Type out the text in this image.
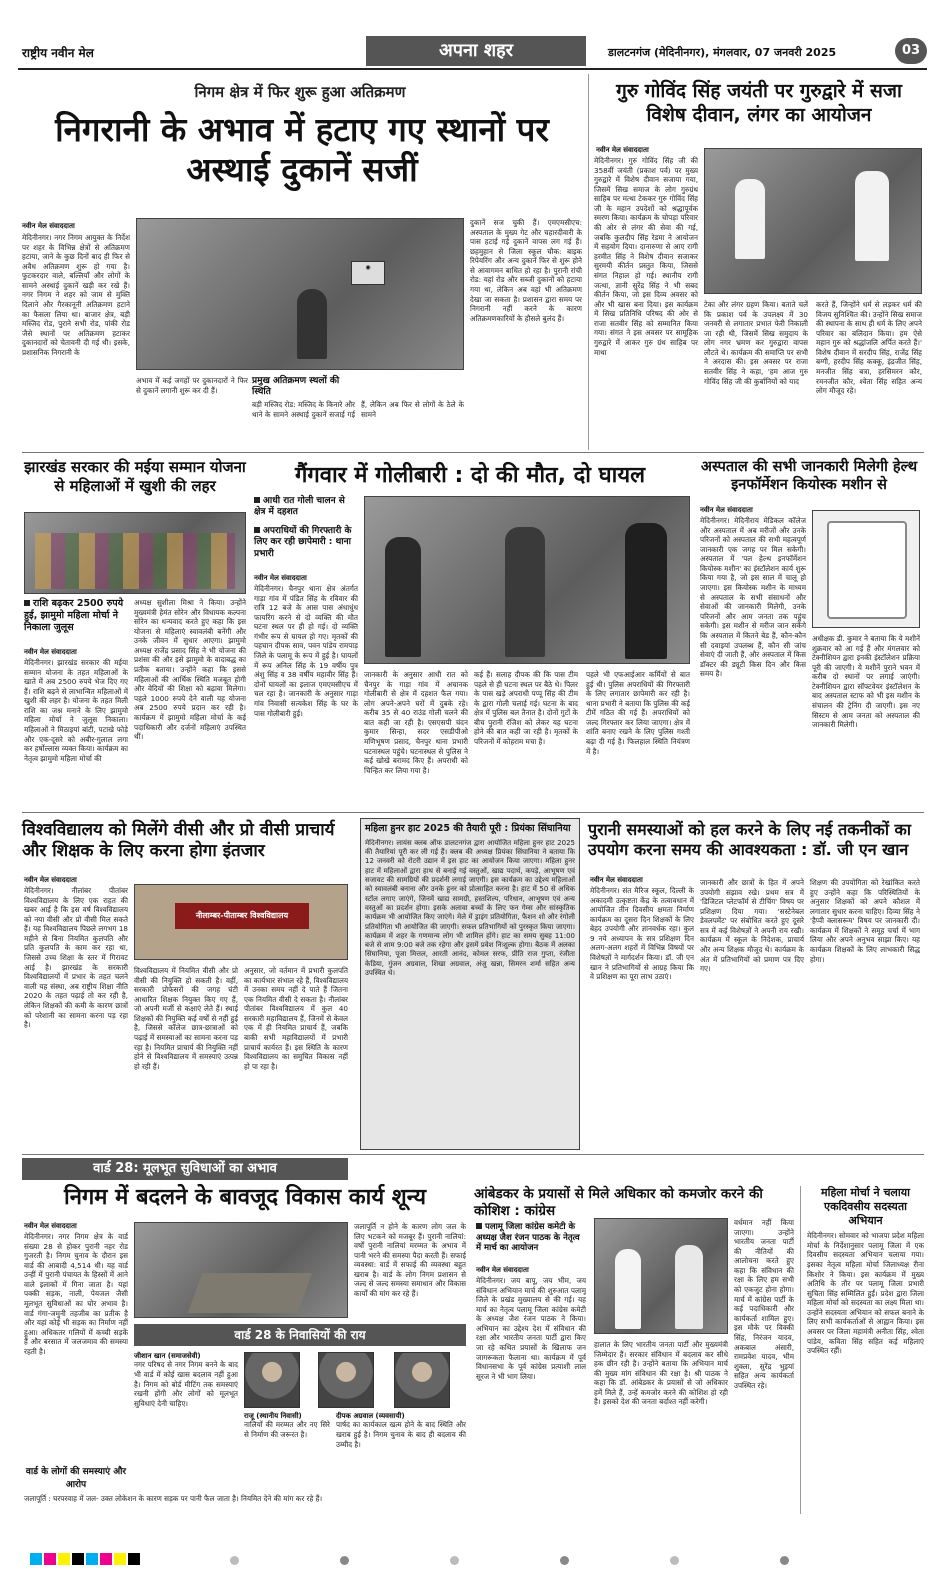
राष्ट्रीय नवीन मेल	अपना शहर	डालटनगंज (मेदिनीनगर), मंगलवार, 07 जनवरी 2025	03
निगम क्षेत्र में फिर शुरू हुआ अतिक्रमण
निगरानी के अभाव में हटाए गए स्थानों पर अस्थाई दुकानें सजीं
नवीन मेल संवाददाता
मेदिनीनगर। नगर निगम आयुक्त के निर्देश पर शहर के विभिन्न क्षेत्रों से अतिक्रमण हटाया, जाने के कुछ दिनों बाद ही फिर से अवैध अतिक्रमण शुरू हो गया है। फुटकरदार वाले, बल्लियाँ और लोगों के सामने अस्थाई दुकानें खड़ी कर रखे हैं। नगर निगम ने शहर को जाम से मुक्ति दिलाने और गैरकानूनी अतिक्रमण हटाने का फैसला लिया था। बाजार क्षेत्र, बड़ी मस्जिद रोड, पुराने सभी रोड, पांकी रोड जैसे स्थानों पर अतिक्रमण हटाकर दुकानदारों को चेतावनी दी गई थी। इसके, प्रशासनिक निगरानी के
◉
दुकानें सज चुकी हैं। एमएमसीएच: अस्पताल के मुख्य गेट और चहारदीवारी के पास हटाई गई दुकानें वापस लग गई हैं। छहमुहान से जिला स्कूल चौक: बाइक रिपेयरिंग और अन्य दुकानें फिर से शुरू होने से आवागमन बाधित हो रहा है। पुरानी रांची रोड: यहां रोड और सब्जी दुकानों को हटाया गया था, लेकिन अब वहां भी अतिक्रमण देखा जा सकता है। प्रशासन द्वारा समय पर निगरानी नहीं करने के कारण अतिक्रमणकारियों के हौसले बुलंद हैं।
अभाव में कई जगहों पर दुकानदारों ने फिर से दुकानें लगानी शुरू कर दी हैं।
प्रमुख अतिक्रमण स्थलों की स्थिति
बड़ी मस्जिद रोड: मस्जिद के किनारे और थाने के सामने अस्थाई दुकानें सजाई गई हैं, लेकिन अब फिर से लोगों के ठेले के सामने
गुरु गोविंद सिंह जयंती पर गुरुद्वारे में सजा विशेष दीवान, लंगर का आयोजन
नवीन मेल संवाददाता
मेदिनीनगर। गुरु गोविंद सिंह जी की 358वीं जयंती (प्रकाश पर्व) पर मुख्य गुरुद्वारे में विशेष दीवान सजाया गया, जिसमें सिख समाज के लोग गुरुग्रंथ साहिब पर मत्था टेककर गुरु गोविंद सिंह जी के महान उपदेशों को श्रद्धापूर्वक स्मरण किया। कार्यक्रम के चोपड़ा परिवार की ओर से लंगर की सेवा की गई, जबकि कुलदीप सिंह रेडमा ने आयोजन में सहयोग दिया। दानारुणा से आए रागी हरमीत सिंह ने विशेष दीवान सजाकर सुरमयी कीर्तन प्रस्तुत किया, जिससे संगत निहाल हो गई। स्थानीय रागी जत्था, ज्ञानी सुरेंद्र सिंह ने भी सबद कीर्तन किया, जो इस दिव्य अवसर को और भी खास बना दिया। इस कार्यक्रम में सिख प्रतिनिधि परिषद की ओर से राजा सतवीर सिंह को सम्मानित किया गया। संगत ने इस अवसर पर सामूहिक गुरुद्वारे में आकर गुरु ग्रंथ साहिब पर माथा
टेका और लंगर ग्रहण किया। बताते चलें कि प्रकाश पर्व के उपलक्ष्य में 30 जनवरी से लगातार प्रभात फेरी निकाली जा रही थी, जिसमें सिख समुदाय के लोग नगर भ्रमण कर गुरुद्वारा वापस लौटते थे। कार्यक्रम की समाप्ति पर सभी ने अरदास की। इस अवसर पर राजा सतवीर सिंह ने कहा, 'हम आज गुरु गोविंद सिंह जी की कुर्बानियों को याद
करते हैं, जिन्होंने धर्म से लड़कर धर्म की विजय सुनिश्चित की। उन्होंने सिख समाज की स्थापना के साथ ही धर्म के लिए अपने परिवार का बलिदान किया। हम ऐसे महान गुरु को श्रद्धांजलि अर्पित करते हैं।' विशेष दीवान में सरदीप सिंह, राजेंद्र सिंह बग्गी, हरदीप सिंह कक्कू, इंद्रजीत सिंह, मनजीत सिंह बत्रा, हरसिमरन कौर, रमनजीत कौर, श्वेता सिंह सहित अन्य लोग मौजूद रहे।
झारखंड सरकार की मईया सम्मान योजना से महिलाओं में खुशी की लहर
राशि बढ़कर 2500 रुपये हुई, झामुमो महिला मोर्चा ने निकाला जुलूस
नवीन मेल संवाददाता
मेदिनीनगर। झारखंड सरकार की मईया सम्मान योजना के तहत महिलाओं के खाते में अब 2500 रुपये भेज दिए गए हैं। राशि बढ़ने से लाभान्वित महिलाओं में खुशी की लहर है। योजना के तहत मिली राशि का जश्न मनाने के लिए झामुमो महिला मोर्चा ने जुलूस निकाला। महिलाओं ने मिठाइयां बांटी, पटाखे फोड़े और एक-दूसरे को अबीर-गुलाल लगा कर हर्षोल्लास व्यक्त किया। कार्यक्रम का नेतृत्व झामुमो महिला मोर्चा की
अध्यक्ष सुशीला मिश्रा ने किया। उन्होंने मुख्यमंत्री हेमंत सोरेन और विधायक कल्पना सोरेन का धन्यवाद करते हुए कहा कि इस योजना से महिलाएं स्वावलंबी बनेंगी और उनके जीवन में सुधार आएगा। झामुमो अध्यक्ष राजेंद्र प्रसाद सिंह ने भी योजना की प्रशंसा की और इसे झामुमो के वादाबद्ध का प्रतीक बताया। उन्होंने कहा कि इससे महिलाओं की आर्थिक स्थिति मजबूत होगी और वेदियों की शिक्षा को बढ़ावा मिलेगा। पहले 1000 रुपये देने वाली यह योजना अब 2500 रुपये प्रदान कर रही है। कार्यक्रम में झामुमो महिला मोर्चा के कई पदाधिकारी और दर्जनों महिलाएं उपस्थित थीं।
गैंगवार में गोलीबारी : दो की मौत, दो घायल
आधी रात गोली चालन से क्षेत्र में दहशत
अपराधियों की गिरफ्तारी के लिए कर रही छापेमारी : थाना प्रभारी
नवीन मेल संवाददाता
मेदिनीनगर। चैनपुर थाना क्षेत्र अंतर्गत गाड़ा गांव में पंडित सिंह के रविवार की रात्रि 12 बजे के आस पास अंधाधुंध फायरिंग करने से दो व्यक्ति की मौत घटना स्थल पर ही हो गई। दो व्यक्ति गंभीर रूप से घायल हो गए। मृतकों की पहचान दीपक साव, पवन पांडेय रामपाड़ जिले के पलामू के रूप में हुई है। घायलों में रूप अनिल सिंह के 19 वर्षीय पुत्र अंशु सिंह व 38 वर्षीय महावीर सिंह हैं। दोनों घायलों का इलाज एमएमसीएच में चल रहा है। जानकारी के अनुसार गाड़ा गांव निवासी सत्यकेश सिंह के घर के पास गोलीबारी हुई।
जानकारी के अनुसार आधी रात को चैनपुर के गाड़ा गांव में अचानक गोलीबारी से क्षेत्र में दहशत फैल गया। लोग अपने-अपने घरों में दुबके रहे। करीब 35 से 40 राउंड गोली चलने की बात कही जा रही है। एसएसपी चंदन कुमार सिन्हा, सदर एसडीपीओ मणिभूषण प्रसाद, चैनपुर थाना प्रभारी घटनास्थल पहुंचे। घटनास्थल से पुलिस ने कई खोखे बरामद किए हैं। अपराधी को चिन्हित कर लिया गया है।
कई हैं। सलाह दीपक की कि पास टीम पहले से ही घटना स्थल पर बैठे थे। पिलर के पास खड़े अपराधी पप्पू सिंह की टीम के द्वारा गोली चलाई गई। घटना के बाद क्षेत्र में पुलिस बल तैनात है। दोनों गुटों के बीच पुरानी रंजिश को लेकर यह घटना होने की बात कही जा रही है। मृतकों के परिजनों में कोहराम मचा है।
पहले भी एफआईआर कर्मियों से बात हुई थी। पुलिस अपराधियों की गिरफ्तारी के लिए लगातार छापेमारी कर रही है। थाना प्रभारी ने बताया कि पुलिस की कई टीमें गठित की गई हैं। अपराधियों को जल्द गिरफ्तार कर लिया जाएगा। क्षेत्र में शांति बनाए रखने के लिए पुलिस गश्ती बढ़ा दी गई है। फिलहाल स्थिति नियंत्रण में है।
अस्पताल की सभी जानकारी मिलेगी हेल्थ इनफॉर्मेशन कियोस्क मशीन से
नवीन मेल संवाददाता
मेदिनीनगर। मेदिनीराय मेडिकल कॉलेज और अस्पताल में अब मरीजों और उनके परिजनों को अस्पताल की सभी महत्वपूर्ण जानकारी एक जगह पर मिल सकेगी। अस्पताल में 'पल हेल्थ इनफॉर्मेशन कियोस्क मशीन' का इंस्टॉलेशन कार्य शुरू किया गया है, जो इस साल में चालू हो जाएगा। इस कियोस्क मशीन के माध्यम से अस्पताल के सभी संसाधनों और सेवाओं की जानकारी मिलेगी, उनके परिजनों और आम जनता तक पहुंच सकेगी। इस मशीन से मरीज जान सकेंगे कि अस्पताल में कितने बेड हैं, कौन-कौन सी दवाइयां उपलब्ध हैं, कौन सी जांच सेवाएं दी जाती हैं, और अस्पताल में किस डॉक्टर की ड्यूटी किस दिन और किस समय है।
अधीक्षक डी. कुमार ने बताया कि ये मशीनें शुक्रवार को आ गई हैं और मंगलवार को टेक्नीशियन द्वारा इनकी इंस्टॉलेशन प्रक्रिया पूरी की जाएगी। ये मशीनें पुराने भवन में करीब दो स्थानों पर लगाई जाएंगी। टेक्नीशियन द्वारा सॉफ्टवेयर इंस्टॉलेशन के बाद अस्पताल स्टाफ को भी इस मशीन के संचालन की ट्रेनिंग दी जाएगी। इस नए सिस्टम से आम जनता को अस्पताल की जानकारी मिलेगी।
विश्वविद्यालय को मिलेंगे वीसी और प्रो वीसी प्राचार्य और शिक्षक के लिए करना होगा इंतजार
नवीन मेल संवाददाता
मेदिनीनगर। नीलांबर पीतांबर विश्वविद्यालय के लिए एक राहत की खबर आई है कि इस वर्ष विश्वविद्यालय को नया वीसी और प्रो वीसी मिल सकते हैं। यह विश्वविद्यालय पिछले लगभग 18 महीने से बिना नियमित कुलपति और प्रति कुलपति के काम कर रहा था, जिससे उच्च शिक्षा के स्तर में गिरावट आई है। झारखंड के सरकारी विश्वविद्यालयों में प्रभार के तहत चलने वाली यह संस्था, अब राष्ट्रीय शिक्षा नीति 2020 के तहत पढ़ाई तो कर रही है, लेकिन शिक्षकों की कमी के कारण छात्रों को परेशानी का सामना करना पड़ रहा है।
नीलाम्बर-पीताम्बर विश्वविद्यालय
विश्वविद्यालय में नियमित वीसी और प्रो वीसी की नियुक्ति हो सकती है। वहीं, सरकारी प्रोफेसरों की जगह घंटी आधारित शिक्षक नियुक्त किए गए हैं, जो अपनी मर्जी से कक्षाएं लेते हैं। स्थाई शिक्षकों की नियुक्ति कई वर्षों से नहीं हुई है, जिससे कॉलेज छात्र-छात्राओं को पढ़ाई में समस्याओं का सामना करना पड़ रहा है। नियमित प्राचार्य की नियुक्ति नहीं होने से विश्वविद्यालय में समस्याएं उत्पन्न हो रही हैं।
अनुसार, जो वर्तमान में प्रभारी कुलपति का कार्यभार संभाल रहे हैं, विश्वविद्यालय में उनका समय नहीं दे पाते हैं जितना एक नियमित वीसी दे सकता है। नीलांबर पीतांबर विश्वविद्यालय में कुल 40 सरकारी महाविद्यालय हैं, जिनमें से केवल एक में ही नियमित प्राचार्य हैं, जबकि बाकी सभी महाविद्यालयों में प्रभारी प्राचार्य कार्यरत हैं। इस स्थिति के कारण विश्वविद्यालय का समुचित विकास नहीं हो पा रहा है।
महिला हुनर हाट 2025 की तैयारी पूरी : प्रियंका सिंघानिया
मेदिनीनगर। लायंस क्लब ऑफ डालटनगंज द्वारा आयोजित महिला हुनर हाट 2025 की तैयारियां पूरी कर ली गई हैं। क्लब की अध्यक्ष प्रियंका सिंघानिया ने बताया कि 12 जनवरी को रोटरी उद्यान में इस हाट का आयोजन किया जाएगा। महिला हुनर हाट में महिलाओं द्वारा हाथ से बनाई गई वस्तुओं, खाद्य पदार्थ, कपड़े, आभूषण एवं सजावट की सामग्रियों की प्रदर्शनी लगाई जाएगी। इस कार्यक्रम का उद्देश्य महिलाओं को स्वावलंबी बनाना और उनके हुनर को प्रोत्साहित करना है। हाट में 50 से अधिक स्टॉल लगाए जाएंगे, जिनमें खाद्य सामग्री, हस्तशिल्प, परिधान, आभूषण एवं अन्य वस्तुओं का प्रदर्शन होगा। इसके अलावा बच्चों के लिए फन गेम्स और सांस्कृतिक कार्यक्रम भी आयोजित किए जाएंगे। मेले में ड्राइंग प्रतियोगिता, फैशन शो और रंगोली प्रतियोगिता भी आयोजित की जाएगी। सफल प्रतिभागियों को पुरस्कृत किया जाएगा। कार्यक्रम में शहर के गणमान्य लोग भी शामिल होंगे। हाट का समय सुबह 11:00 बजे से शाम 9:00 बजे तक रहेगा और इसमें प्रवेश निःशुल्क होगा। बैठक में अलका सिंघानिया, पूजा मित्तल, आरती आनंद, कोमल सरफ, प्रीति राज गुप्ता, रंजीता केडिया, गुंजन अग्रवाल, शिखा अग्रवाल, अंजु खन्ना, सिमरन शर्मा सहित अन्य उपस्थित थे।
पुरानी समस्याओं को हल करने के लिए नई तकनीकों का उपयोग करना समय की आवश्यकता : डॉ. जी एन खान
नवीन मेल संवाददाता
मेदिनीनगर। संत मैरिज स्कूल, दिल्ली के अकादमी उत्कृष्टता केंद्र के तत्वावधान में आयोजित तीन दिवसीय क्षमता निर्माण कार्यक्रम का दूसरा दिन शिक्षकों के लिए बेहद उपयोगी और ज्ञानवर्धक रहा। कुल 9 नये अध्यापन के सत्र प्रशिक्षण दिन अलग-अलग शहरों में विभिन्न विषयों पर विशेषज्ञों ने मार्गदर्शन किया। डॉ. जी एन खान ने प्रतिभागियों से आग्रह किया कि वे प्रशिक्षण का पूरा लाभ उठाएं।
जानकारी और छात्रों के हित में अपने उपयोगी सझाव रखे। प्रथम सत्र में 'डिजिटल प्लेटफॉर्म से टीचिंग' विषय पर प्रशिक्षण दिया गया। 'सस्टेनेबल डेवलपमेंट' पर संबोधित करते हुए दूसरे सत्र में कई विशेषज्ञों ने अपनी राय रखी। कार्यक्रम में स्कूल के निदेशक, प्राचार्य और अन्य शिक्षक मौजूद थे। कार्यक्रम के अंत में प्रतिभागियों को प्रमाण पत्र दिए गए।
शिक्षण की उपयोगिता को रेखांकित करते हुए उन्होंने कहा कि परिस्थितियों के अनुसार शिक्षकों को अपने कौशल में लगातार सुधार करना चाहिए। दिव्या सिंह ने 'हैप्पी क्लासरूम' विषय पर जानकारी दी। कार्यक्रम में शिक्षकों ने समूह चर्चा में भाग लिया और अपने अनुभव साझा किए। यह कार्यक्रम शिक्षकों के लिए लाभकारी सिद्ध होगा।
वार्ड 28: मूलभूत सुविधाओं का अभाव
निगम में बदलने के बावजूद विकास कार्य शून्य
नवीन मेल संवाददाता
मेदिनीनगर। नगर निगम क्षेत्र के वार्ड संख्या 28 से होकर पुरानी नहर रोड गुजरती है। निगम चुनाव के दौरान इस वार्ड की आबादी 4,514 थी। यह वार्ड उन्हीं में पुरानी पंचायत के हिस्सों में आने वाले इलाकों में गिना जाता है। यहां पक्की सड़क, नाली, पेयजल जैसी मूलभूत सुविधाओं का घोर अभाव है। वार्ड गंगा-जमुनी तहजीब का प्रतीक है और यहां कोई भी सड़क का निर्माण नहीं हुआ। अधिकतर गलियों में कच्ची सड़कें हैं और बरसात में जलजमाव की समस्या रहती है।
जलापूर्ति न होने के कारण लोग जल के लिए भटकने को मजबूर हैं। पुरानी नालियां: वर्षों पुरानी नालियां मरम्मत के अभाव में पानी भरने की समस्या पैदा करती हैं। सफाई व्यवस्था: वार्ड में सफाई की व्यवस्था बहुत खराब है। वार्ड के लोग निगम प्रशासन से जल्द से जल्द समस्या समाधान और विकास कार्यों की मांग कर रहे हैं।
वार्ड 28 के निवासियों की राय
जीशान खान (समाजसेवी)
नगर परिषद से नगर निगम बनने के बाद भी वार्ड में कोई खास बदलाव नहीं हुआ है। निगम को बोर्ड मीटिंग तक समस्याएं रखनी होंगी और लोगों को मूलभूत सुविधाएं देनी चाहिए।
राजू (स्थानीय निवासी)
नालियों की मरम्मत और नए सिरे से निर्माण की जरूरत है।
दीपक अग्रवाल (व्यवसायी)
पार्षद का कार्यकाल खत्म होने के बाद स्थिति और खराब हुई है। निगम चुनाव के बाद ही बदलाव की उम्मीद है।
वार्ड के लोगों की समस्याएं और आरोप
जलापूर्ति : घरपरवाह में जल- उक्त लोकेशन के कारण सड़क पर पानी फैल जाता है। नियमित देने की मांग कर रहे हैं।
आंबेडकर के प्रयासों से मिले अधिकार को कमजोर करने की कोशिश : कांग्रेस
पलामू जिला कांग्रेस कमेटी के अध्यक्ष जैश रंजन पाठक के नेतृत्व में मार्च का आयोजन
नवीन मेल संवाददाता
मेदिनीनगर। जय बापू, जय भीम, जय संविधान अभियान मार्च की शुरुआत पलामू जिले के प्रखंड मुख्यालय से की गई। यह मार्च का नेतृत्व पलामू जिला कांग्रेस कमेटी के अध्यक्ष जैश रंजन पाठक ने किया। अभियान का उद्देश्य देश में संविधान की रक्षा और भारतीय जनता पार्टी द्वारा किए जा रहे कथित प्रयासों के खिलाफ जन जागरूकता फैलाना था। कार्यक्रम में पूर्व विधानसभा के पूर्व कांग्रेस प्रत्याशी लाल सूरज ने भी भाग लिया।
हालात के लिए भारतीय जनता पार्टी और मुख्यमंत्री जिम्मेदार हैं। सरकार संविधान में बदलाव कर सीधे हक छीन रही है। उन्होंने बताया कि अभियान मार्च की मुख्य मांग संविधान की रक्षा है। श्री पाठक ने कहा कि डॉ. आंबेडकर के प्रयासों से जो अधिकार हमें मिले हैं, उन्हें कमजोर करने की कोशिश हो रही है। इसको देश की जनता बर्दाश्त नहीं करेगी।
वर्धमान नहीं किया जाएगा। उन्होंने भारतीय जनता पार्टी की नीतियों की आलोचना करते हुए कहा कि संविधान की रक्षा के लिए हम सभी को एकजुट होना होगा। मार्च में कांग्रेस पार्टी के कई पदाधिकारी और कार्यकर्ता शामिल हुए। इस मौके पर विक्की सिंह, निरंजन यादव, अकबाल अंसारी, रामप्रवेश यादव, भीम शुक्ला, सुरेंद्र भुइयां सहित अन्य कार्यकर्ता उपस्थित रहे।
महिला मोर्चा ने चलाया एकदिवसीय सदस्यता अभियान
मेदिनीनगर। सोमवार को भाजपा प्रदेश महिला मोर्चा के निर्देशानुसार पलामू जिला में एक दिवसीय सदस्यता अभियान चलाया गया। इसका नेतृत्व महिला मोर्चा जिलाध्यक्ष रीना किशोर ने किया। इस कार्यक्रम में मुख्य अतिथि के तौर पर पलामू जिला प्रभारी सुचिता सिंह सम्मिलित हुईं। प्रदेश द्वारा जिला महिला मोर्चा को सदस्यता का लक्ष्य मिला था। उन्होंने सदस्यता अभियान को सफल बनाने के लिए सभी कार्यकर्ताओं से आह्वान किया। इस अवसर पर जिला महामंत्री अनीता सिंह, श्वेता पांडेय, कविता सिंह सहित कई महिलाएं उपस्थित रहीं।
